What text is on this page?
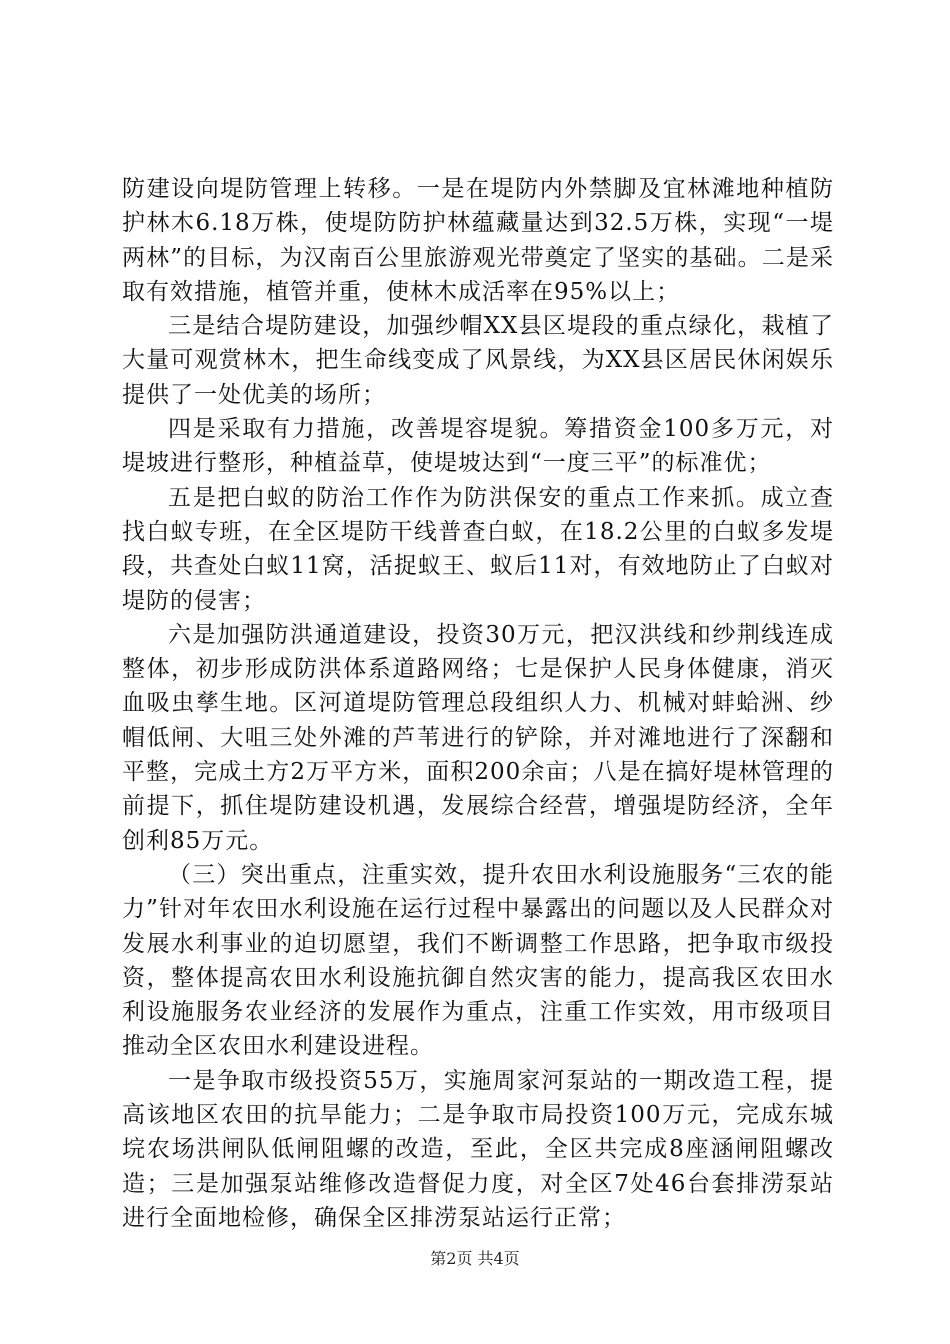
防建设向堤防管理上转移。一是在堤防内外禁脚及宜林滩地种植防护林木6.18万株，使堤防防护林蕴藏量达到32.5万株，实现“一堤两林”的目标，为汉南百公里旅游观光带奠定了坚实的基础。二是采取有效措施，植管并重，使林木成活率在95%以上；

三是结合堤防建设，加强纱帽XX县区堤段的重点绿化，栽植了大量可观赏林木，把生命线变成了风景线，为XX县区居民休闲娱乐提供了一处优美的场所；

四是采取有力措施，改善堤容堤貌。筹措资金100多万元，对堤坡进行整形，种植益草，使堤坡达到“一度三平”的标准优；

五是把白蚁的防治工作作为防洪保安的重点工作来抓。成立查找白蚁专班，在全区堤防干线普查白蚁，在18.2公里的白蚁多发堤段，共查处白蚁11窝，活捉蚁王、蚁后11对，有效地防止了白蚁对堤防的侵害；

六是加强防洪通道建设，投资30万元，把汉洪线和纱荆线连成整体，初步形成防洪体系道路网络；七是保护人民身体健康，消灭血吸虫孳生地。区河道堤防管理总段组织人力、机械对蚌蛤洲、纱帽低闸、大咀三处外滩的芦苇进行的铲除，并对滩地进行了深翻和平整，完成土方2万平方米，面积200余亩；八是在搞好堤林管理的前提下，抓住堤防建设机遇，发展综合经营，增强堤防经济，全年创利85万元。

（三）突出重点，注重实效，提升农田水利设施服务“三农的能力”针对年农田水利设施在运行过程中暴露出的问题以及人民群众对发展水利事业的迫切愿望，我们不断调整工作思路，把争取市级投资，整体提高农田水利设施抗御自然灾害的能力，提高我区农田水利设施服务农业经济的发展作为重点，注重工作实效，用市级项目推动全区农田水利建设进程。

一是争取市级投资55万，实施周家河泵站的一期改造工程，提高该地区农田的抗旱能力；二是争取市局投资100万元，完成东城垸农场洪闸队低闸阻螺的改造，至此，全区共完成8座涵闸阻螺改造；三是加强泵站维修改造督促力度，对全区7处46台套排涝泵站进行全面地检修，确保全区排涝泵站运行正常；

第2页 共4页
